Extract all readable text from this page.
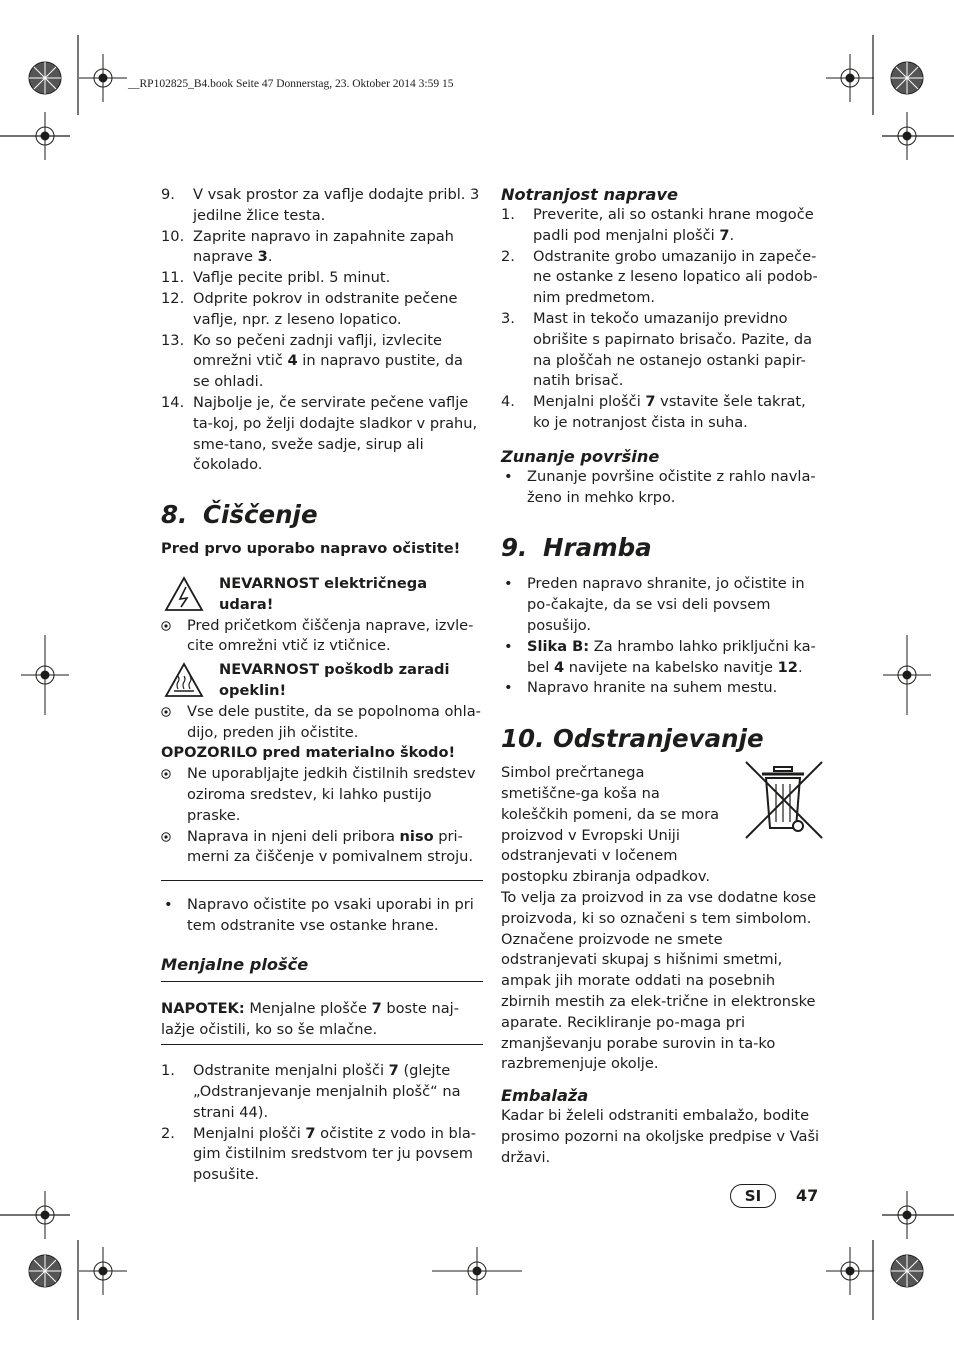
__RP102825_B4.book Seite 47 Donnerstag, 23. Oktober 2014 3:59 15
9. V vsak prostor za vaflje dodajte pribl. 3 jedilne žlice testa.
10. Zaprite napravo in zapahnite zapah napravе 3.
11. Vaflje pecite pribl. 5 minut.
12. Odprite pokrov in odstranite pečene vaflje, npr. z leseno lopatico.
13. Ko so pečeni zadnji vaflji, izvlecite omrežni vtič 4 in napravo pustite, da se ohladi.
14. Najbolje je, če servirate pečene vaflje ta-koj, po želji dodajte sladkor v prahu, sme-tano, sveže sadje, sirup ali čokolado.
8. Čiščenje

Pred prvo uporabo napravo očistite!

NEVARNOST električnega udara!
Pred pričetkom čiščenja naprave, izvle-cite omrežni vtič iz vtičnice.
NEVARNOST poškodb zaradi opeklin!
Vse dele pustite, da se popolnoma ohla-dijo, preden jih očistite.

OPOZORILO pred materialno škodo!

Ne uporabljajte jedkih čistilnih sredstev oziroma sredstev, ki lahko pustijo praske.
Naprava in njeni deli pribora niso pri-merni za čiščenje v pomivalnem stroju.
• Napravo očistite po vsaki uporabi in pri tem odstranite vse ostanke hrane.
Menjalne plošče

NAPOTEK: Menjalne plošče 7 boste naj-lažje očistili, ko so še mlačne.

1. Odstranite menjalni plošči 7 (glejte „Odstranjevanje menjalnih plošč“ na strani 44).
2. Menjalni plošči 7 očistite z vodo in bla-gim čistilnim sredstvom ter ju povsem posušite.
Notranjost naprave
1. Preverite, ali so ostanki hrane mogoče padli pod menjalni plošči 7.
2. Odstranite grobo umazanijo in zapeče-ne ostanke z leseno lopatico ali podob-nim predmetom.
3. Mast in tekočo umazanijo previdno obrišite s papirnato brisačo. Pazite, da na ploščah ne ostanejo ostanki papir-natih brisač.
4. Menjalni plošči 7 vstavite šele takrat, ko je notranjost čista in suha.
Zunanje površine
• Zunanje površine očistite z rahlo navla-ženo in mehko krpo.
9. Hramba
• Preden napravo shranite, jo očistite in po-čakajte, da se vsi deli povsem posušijo.
• Slika B: Za hrambo lahko priključni ka-bel 4 navijete na kabelsko navitje 12.
• Napravo hranite na suhem mestu.
10. Odstranjevanje

Simbol prečrtanega smetiščne-ga koša na koleščkih pomeni, da se mora proizvod v Evropski Uniji odstranjevati v ločenem postopku zbiranja odpadkov.

To velja za proizvod in za vse dodatne kose proizvoda, ki so označeni s tem simbolom. Označene proizvode ne smete odstranjevati skupaj s hišnimi smetmi, ampak jih morate oddati na posebnih zbirnih mestih za elek-trične in elektronske aparate. Recikliranje po-maga pri zmanjševanju porabe surovin in ta-ko razbremenjuje okolje.

Embalaža

Kadar bi želeli odstraniti embalažo, bodite prosimo pozorni na okoljske predpise v Vaši državi.

SI	47
